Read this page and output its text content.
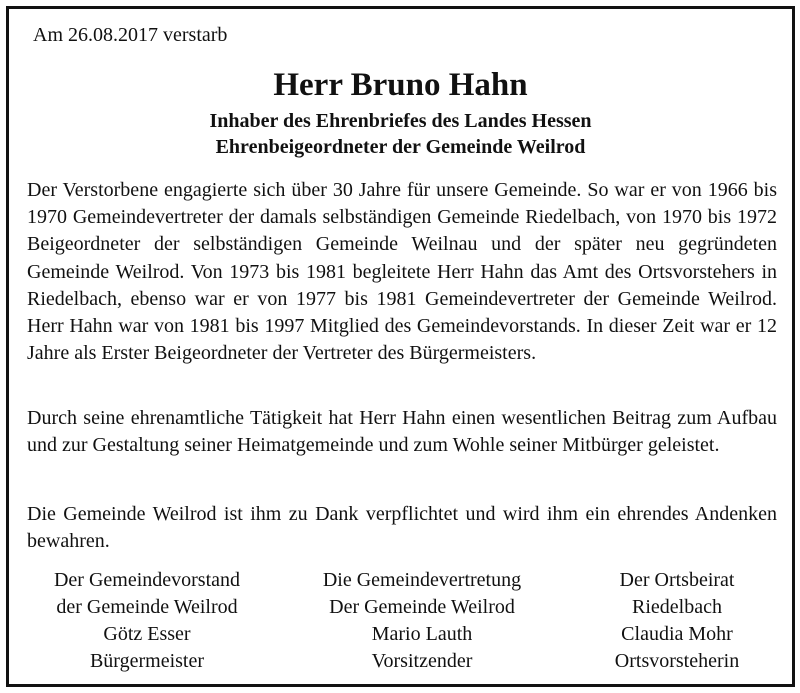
Am 26.08.2017 verstarb
Herr Bruno Hahn
Inhaber des Ehrenbriefes des Landes Hessen
Ehrenbeigeordneter der Gemeinde Weilrod
Der Verstorbene engagierte sich über 30 Jahre für unsere Gemeinde. So war er von 1966 bis 1970 Gemeindevertreter der damals selbständigen Gemeinde Riedelbach, von 1970 bis 1972 Beigeordneter der selbständigen Gemeinde Weilnau und der später neu gegründeten Gemeinde Weilrod. Von 1973 bis 1981 begleitete Herr Hahn das Amt des Ortsvorstehers in Riedelbach, ebenso war er von 1977 bis 1981 Gemeindevertreter der Gemeinde Weilrod. Herr Hahn war von 1981 bis 1997 Mitglied des Gemeindevorstands. In dieser Zeit war er 12 Jahre als Erster Beigeordneter der Vertreter des Bürgermeisters.
Durch seine ehrenamtliche Tätigkeit hat Herr Hahn einen wesentlichen Beitrag zum Aufbau und zur Gestaltung seiner Heimatgemeinde und zum Wohle seiner Mitbürger geleistet.
Die Gemeinde Weilrod ist ihm zu Dank verpflichtet und wird ihm ein ehrendes Andenken bewahren.
Der Gemeindevorstand
der Gemeinde Weilrod
Götz Esser
Bürgermeister
Die Gemeindevertretung
Der Gemeinde Weilrod
Mario Lauth
Vorsitzender
Der Ortsbeirat
Riedelbach
Claudia Mohr
Ortsvorsteherin
